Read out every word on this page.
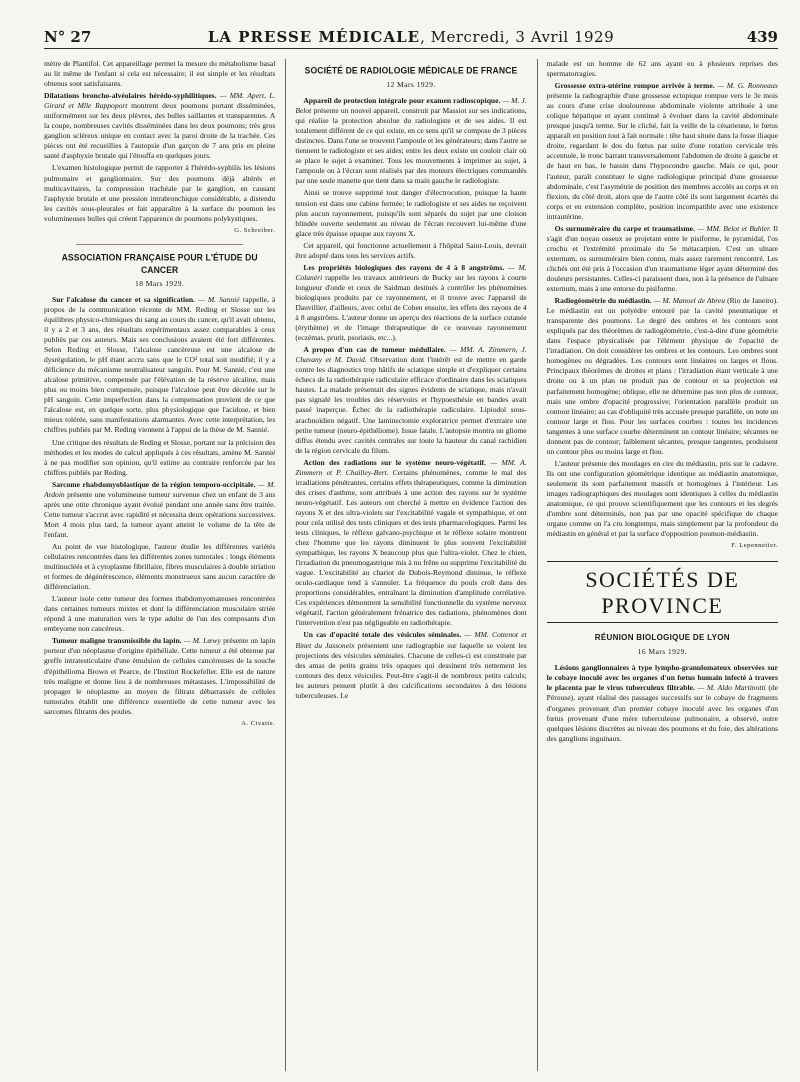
N° 27	LA PRESSE MÉDICALE, Mercredi, 3 Avril 1929	439

mètre de Plantifol. Cet appareillage permet la mesure du métabolisme basal au lit même de l'enfant si cela est nécessaire; il est simple et les résultats obtenus sont satisfaisants.

Dilatations broncho-alvéolaires hérédo-syphilitiques. — MM. Apert, L. Girard et Mlle Rappoport montrent deux poumons portant disséminées, uniformément sur les deux plèvres, des bulles saillantes et transparentes. A la coupe, nombreuses cavités disséminées dans les deux poumons; très gros ganglion scléreux unique en contact avec la paroi droite de la trachée. Ces pièces ont été recueillies à l'autopsie d'un garçon de 7 ans pris en pleine santé d'asphyxie brutale qui l'étouffa en quelques jours.

L'examen histologique permit de rapporter à l'hérédo-syphilis les lésions pulmonaire et ganglionnaire. Sur des poumons déjà altérés et multicavitaires, la compression trachéale par le ganglion, en causant l'asphyxie brutale et une pression intrabronchique considérable, a distendu les cavités sous-pleurales et fait apparaître à la surface du poumon les volumineuses bulles qui créent l'apparence de poumons polykystiques.

G. Schreiber.

ASSOCIATION FRANÇAISE POUR L'ÉTUDE DU CANCER
18 Mars 1929.

Sur l'alcalose du cancer et sa signification. — M. Sannié rappelle, à propos de la communication récente de MM. Reding et Slosse sur les équilibres physico-chimiques du sang au cours du cancer, qu'il avait obtenu, il y a 2 et 3 ans, des résultats expérimentaux assez comparables à ceux publiés par ces auteurs. Mais ses conclusions avaient été fort différentes. Selon Reding et Slosse, l'alcalose cancéreuse est une alcalose de dysrégulation, le pH étant accru sans que le CO² total soit modifié; il y a déficience du mécanisme neutralisateur sanguin. Pour M. Sannié, c'est une alcalose primitive, compensée par l'élévation de la réserve alcaline, mais plus ou moins bien compensée, puisque l'alcalose peut être décelée sur le pH sanguin. Cette imperfection dans la compensation provient de ce que l'alcalose est, en quelque sorte, plus physiologique que l'acidose, et bien mieux tolérée, sans manifestations alarmantes. Avec cette interprétation, les chiffres publiés par M. Reding viennent à l'appui de la thèse de M. Sannié.

Une critique des résultats de Reding et Slosse, portant sur la précision des méthodes et les modes de calcul appliqués à ces résultats, amène M. Sannié à ne pas modifier son opinion, qu'il estime au contraire renforcée par les chiffres publiés par Reding.

Sarcome rhabdomyoblastique de la région temporo-occipitale. — M. Ardoin présente une volumineuse tumeur survenue chez un enfant de 3 ans après une otite chronique ayant évolué pendant une année sans être traitée. Cette tumeur s'accrut avec rapidité et nécessita deux opérations successives. Mort 4 mois plus tard, la tumeur ayant atteint le volume de la tête de l'enfant.

Au point de vue histologique, l'auteur étudie les différentes variétés cellulaires rencontrées dans les différentes zones tumorales : longs éléments multinucléés et à cytoplasme fibrillaire, fibres musculaires à double striation et formes de dégénérescence, éléments monstrueux sans aucun caractère de différenciation.

L'auteur isole cette tumeur des formes rhabdomyomateuses rencontrées dans certaines tumeurs mixtes et dont la différenciation musculaire striée répond à une maturation vers le type adulte de l'un des composants d'un embryome non cancéreux.

Tumeur maligne transmissible du lapin. — M. Lœwy présente un lapin porteur d'un néoplasme d'origine épithéliale. Cette tumeur a été obtenue par greffe intratesticulaire d'une émulsion de cellules cancéreuses de la souche d'épithélioma Brown et Pearce, de l'Institut Rockefeller. Elle est de nature très maligne et donne lieu à de nombreuses métastases. L'impossibilité de propager le néoplasme au moyen de filtrats débarrassés de cellules tumorales établit une différence essentielle de cette tumeur avec les sarcomes filtrants des poules.

A. Civatte.

SOCIÉTÉ DE RADIOLOGIE MÉDICALE DE FRANCE
12 Mars 1929.

Appareil de protection intégrale pour examen radioscopique. — M. J. Belot présente un nouvel appareil, construit par Massiot sur ses indications, qui réalise la protection absolue du radiologiste et de ses aides. Il est totalement différent de ce qui existe, en ce sens qu'il se compose de 3 pièces distinctes. Dans l'une se trouvent l'ampoule et les générateurs; dans l'autre se tiennent le radiologiste et ses aides; entre les deux existe un couloir clair où se place le sujet à examiner. Tous les mouvements à imprimer au sujet, à l'ampoule ou à l'écran sont réalisés par des moteurs électriques commandés par une seule manette que tient dans sa main gauche le radiologiste.

Ainsi se trouve supprimé tout danger d'électrocution, puisque la haute tension est dans une cabine fermée; le radiologiste et ses aides ne reçoivent plus aucun rayonnement, puisqu'ils sont séparés du sujet par une cloison blindée ouverte seulement au niveau de l'écran recouvert lui-même d'une glace très épaisse opaque aux rayons X.

Cet appareil, qui fonctionne actuellement à l'hôpital Saint-Louis, devrait être adopté dans tous les services actifs.

Les propriétés biologiques des rayons de 4 à 8 angströms. — M. Colanéri rappelle les travaux antérieurs de Bucky sur les rayons à courte longueur d'onde et ceux de Saidman destinés à contrôler les phénomènes biologiques produits par ce rayonnement, et il trouve avec l'appareil de Dauvillier, d'ailleurs, avec celui de Cohen ensuite, les effets des rayons de 4 à 8 angströms. L'auteur donne un aperçu des réactions de la surface cutanée (érythème) et de l'image thérapeutique de ce nouveau rayonnement (eczémas, prurit, psoriasis, etc...).

A propos d'un cas de tumeur médullaire. — MM. A. Zimmern, J. Chavany et M. David. Observation dont l'intérêt est de mettre en garde contre les diagnostics trop hâtifs de sciatique simple et d'expliquer certains échecs de la radiothérapie radiculaire efficace d'ordinaire dans les sciatiques hautes. La malade présentait des signes évidents de sciatique, mais n'avait pas signalé les troubles des réservoirs et l'hypoesthésie en bandes avait passé inaperçue. Échec de la radiothérapie radiculaire. Lipiodol sous-arachnoïdien négatif. Une laminectomie exploratrice permet d'extraire une petite tumeur (neuro-épithéliome). Issue fatale. L'autopsie montra un gliome diffus étendu avec cavités centrales sur toute la hauteur du canal rachidien de la région cervicale du filum.

Action des radiations sur le système neuro-végétatif. — MM. A. Zimmern et P. Chailley-Bert. Certains phénomènes, comme le mal des irradiations pénétrantes, certains effets thérapeutiques, comme la diminution des crises d'asthme, sont attribués à une action des rayons sur le système neuro-végétatif. Les auteurs ont cherché à mettre en évidence l'action des rayons X et des ultra-violets sur l'excitabilité vagale et sympathique, et ont pour cela utilisé des tests cliniques et des tests pharmacologiques. Parmi les tests cliniques, le réflexe galvano-psychique et le réflexe solaire montrent chez l'homme que les rayons diminuent le plus souvent l'excitabilité sympathique, les rayons X beaucoup plus que l'ultra-violet. Chez le chien, l'irradiation du pneumogastrique mis à nu frêne ou supprime l'excitabilité du vague. L'excitabilité au chariot de Dubois-Reymond diminue, le réflexe oculo-cardiaque tend à s'annuler. La fréquence du pouls croît dans des proportions considérables, entraînant la diminution d'amplitude corrélative. Ces expériences démontrent la sensibilité fonctionnelle du système nerveux végétatif, l'action généralement frénatrice des radiations, phénomènes dont l'intervention n'est pas négligeable en radiothérapie.

Un cas d'opacité totale des vésicules séminales. — MM. Cottenot et Binet du Jassoneix présentent une radiographie sur laquelle se voient les projections des vésicules séminales. Chacune de celles-ci est constituée par des amas de petits grains très opaques qui dessinent très nettement les contours des deux vésicules. Peut-être s'agit-il de nombreux petits calculs; les auteurs pensent plutôt à des calcifications secondaires à des lésions tuberculeuses. Le

malade est un homme de 62 ans ayant eu à plusieurs reprises des spermatorragies.

Grossesse extra-utérine rompue arrivée à terme. — M. G. Ronneaux présente la radiographie d'une grossesse ectopique rompue vers le 3e mois au cours d'une crise douloureuse abdominale violente attribuée à une colique hépatique et ayant continué à évoluer dans la cavité abdominale presque jusqu'à terme. Sur le cliché, fait la veille de la césarienne, le fœtus apparaît en position tout à fait normale : tête haut située dans la fosse iliaque droite, regardant le dos du fœtus par suite d'une rotation cervicale très accentuée, le tronc barrant transversalement l'abdomen de droite à gauche et de haut en bas, le bassin dans l'hypocondre gauche. Mais ce qui, pour l'auteur, paraît constituer le signe radiologique principal d'une grossesse abdominale, c'est l'asymétrie de position des membres accolés au corps et en flexion, du côté droit, alors que de l'autre côté ils sont largement écartés du corps et en extension complète, position incompatible avec une existence intrautérine.

Os surnuméraire du carpe et traumatisme. — MM. Belot et Buhler. Il s'agit d'un noyau osseux se projetant entre le pisiforme, le pyramidal, l'os crochu et l'extrémité proximale du 5e métacarpien. C'est un ulnare externum, os surnuméraire bien connu, mais assez rarement rencontré. Les clichés ont été pris à l'occasion d'un traumatisme léger ayant déterminé des douleurs persistantes. Celles-ci paraissent dues, non à la présence de l'ulnare externum, mais à une entorse du pisiforme.

Radiogéométrie du médiastin. — M. Manoel de Abreu (Rio de Janeiro). Le médiastin est un polyèdre entouré par la cavité pneumatique et transparente des poumons. Le degré des ombres et les contours sont expliqués par des théorèmes de radiogéométrie, c'est-à-dire d'une géométrie dans l'espace physicalisée par l'élément physique de l'opacité de l'irradiation. On doit considérer les ombres et les contours. Les ombres sont homogènes ou dégradées. Les contours sont linéaires ou larges et flous. Principaux théorèmes de droites et plans : l'irradiation étant verticale à une droite ou à un plan ne produit pas de contour et sa projection est parfaitement homogène; oblique, elle ne détermine pas non plus de contour, mais une ombre d'opacité progressive; l'orientation parallèle produit un contour linéaire; au cas d'obliquité très accusée presque parallèle, on note un contour large et flou. Pour les surfaces courbes : toutes les incidences tangentes à une surface courbe déterminent un contour linéaire; sécantes ne donnent pas de contour; faiblement sécantes, presque tangentes, produisent un contour plus ou moins large et flou.

L'auteur présente des moulages en cire du médiastin, pris sur le cadavre. Ils ont une configuration géométrique identique au médiastin anatomique, seulement ils sont parfaitement massifs et homogènes à l'intérieur. Les images radiographiques des moulages sont identiques à celles du médiastin anatomique, ce qui prouve scientifiquement que les contours et les degrés d'ombre sont déterminés, non pas par une opacité spécifique de chaque organe comme on l'a cru longtemps, mais simplement par la profondeur du médiastin en général et par la surface d'opposition poumon-médiastin.

F. Lepennetier.

SOCIÉTÉS DE PROVINCE
RÉUNION BIOLOGIQUE DE LYON
16 Mars 1929.

Lésions ganglionnaires à type lympho-granulomateux observées sur le cobaye inoculé avec les organes d'un fœtus humain infecté à travers le placenta par le virus tuberculeux filtrable. — M. Aldo Martinotti (de Pérouse), ayant réalisé des passages successifs sur le cobaye de fragments d'organes provenant d'un premier cobaye inoculé avec les organes d'un fœtus provenant d'une mère tuberculeuse pulmonaire, a observé, outre quelques lésions discrètes au niveau des poumons et du foie, des altérations des ganglions inguinaux.
